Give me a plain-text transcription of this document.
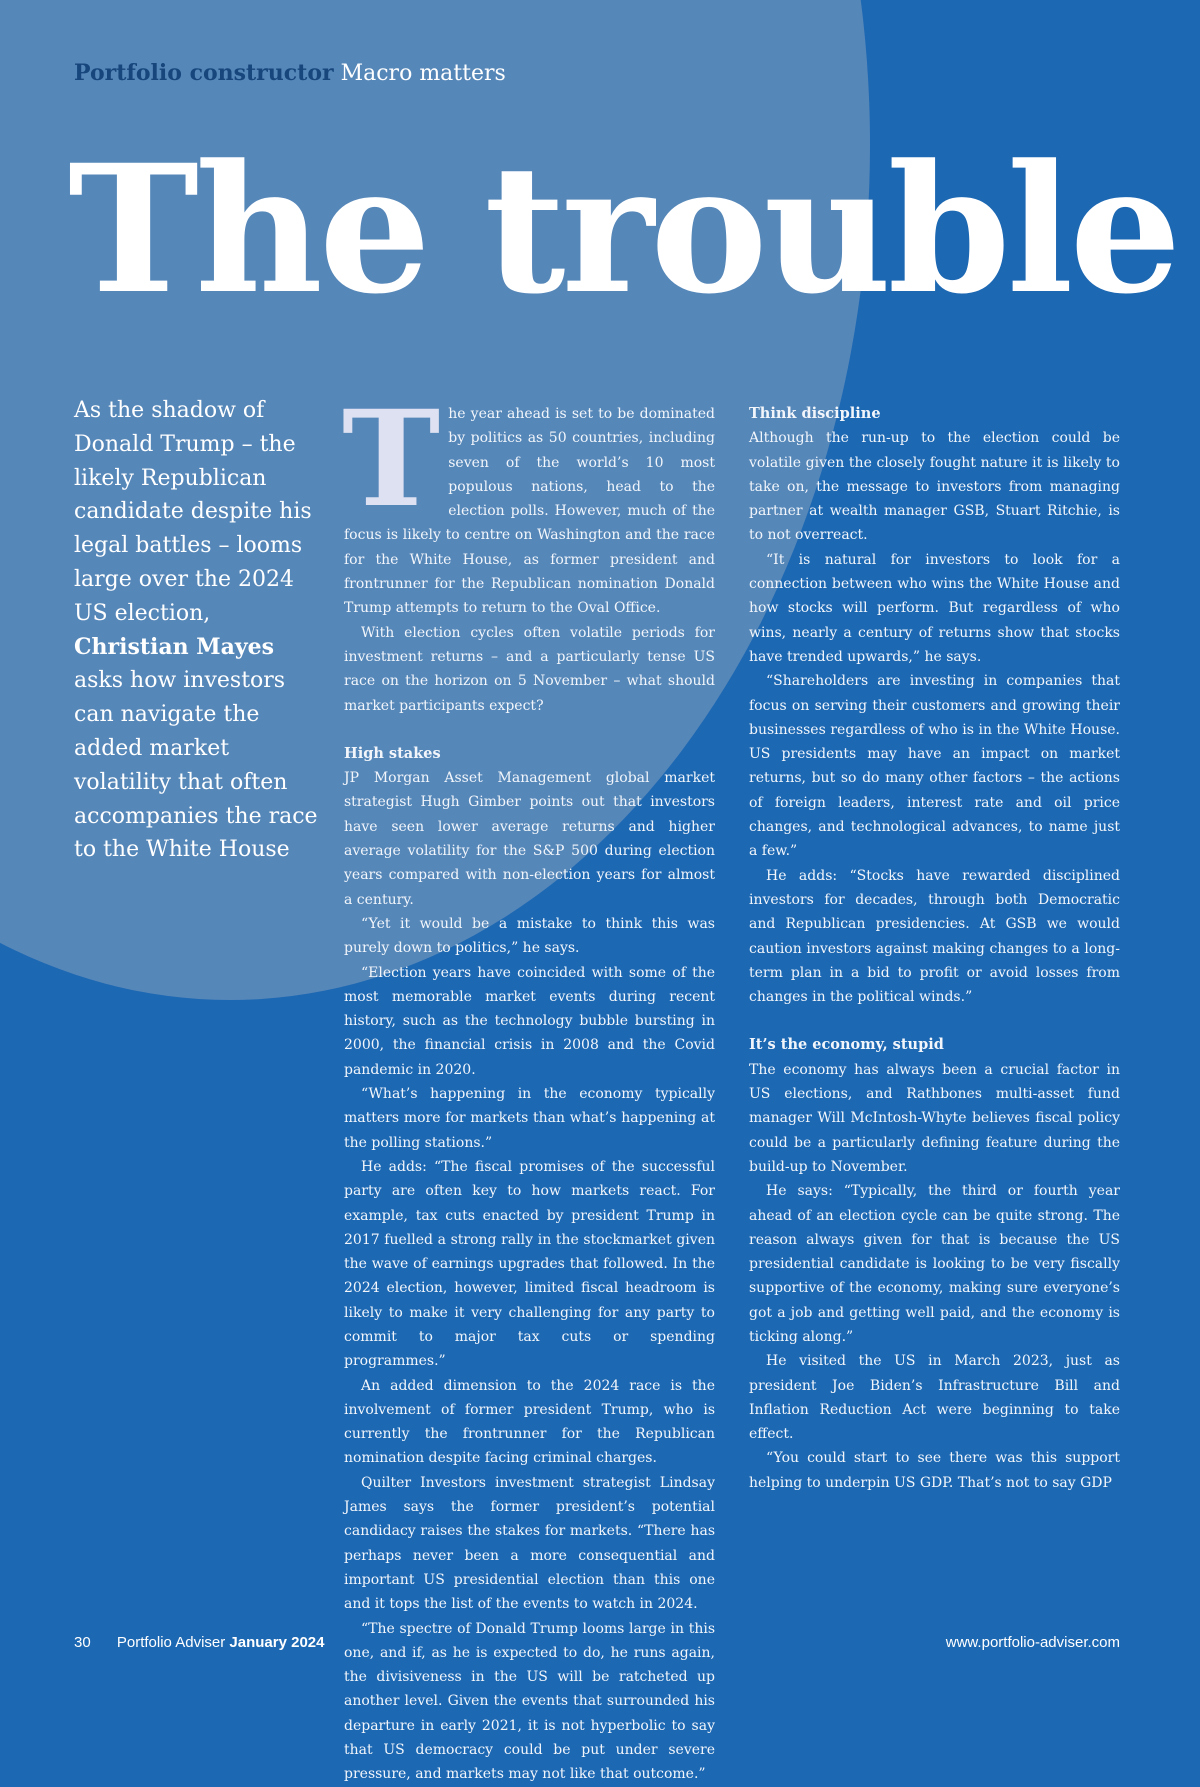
Portfolio constructor Macro matters
The trouble
As the shadow of Donald Trump – the likely Republican candidate despite his legal battles – looms large over the 2024 US election, Christian Mayes asks how investors can navigate the added market volatility that often accompanies the race to the White House

The year ahead is set to be dominated by politics as 50 countries, including seven of the world’s 10 most populous nations, head to the election polls. However, much of the focus is likely to centre on Washington and the race for the White House, as former president and frontrunner for the Republican nomination Donald Trump attempts to return to the Oval Office.

With election cycles often volatile periods for investment returns – and a particularly tense US race on the horizon on 5 November – what should market participants expect?

High stakes

JP Morgan Asset Management global market strategist Hugh Gimber points out that investors have seen lower average returns and higher average volatility for the S&P 500 during election years compared with non-election years for almost a century.

“Yet it would be a mistake to think this was purely down to politics,” he says.

“Election years have coincided with some of the most memorable market events during recent history, such as the technology bubble bursting in 2000, the financial crisis in 2008 and the Covid pandemic in 2020.

“What’s happening in the economy typically matters more for markets than what’s happening at the polling stations.”

He adds: “The fiscal promises of the successful party are often key to how markets react. For example, tax cuts enacted by president Trump in 2017 fuelled a strong rally in the stockmarket given the wave of earnings upgrades that followed. In the 2024 election, however, limited fiscal headroom is likely to make it very challenging for any party to commit to major tax cuts or spending programmes.”

An added dimension to the 2024 race is the involvement of former president Trump, who is currently the frontrunner for the Republican nomination despite facing criminal charges.

Quilter Investors investment strategist Lindsay James says the former president’s potential candidacy raises the stakes for markets. “There has perhaps never been a more consequential and important US presidential election than this one and it tops the list of the events to watch in 2024.

“The spectre of Donald Trump looms large in this one, and if, as he is expected to do, he runs again, the divisiveness in the US will be ratcheted up another level. Given the events that surrounded his departure in early 2021, it is not hyperbolic to say that US democracy could be put under severe pressure, and markets may not like that outcome.”

Think discipline

Although the run-up to the election could be volatile given the closely fought nature it is likely to take on, the message to investors from managing partner at wealth manager GSB, Stuart Ritchie, is to not overreact.

“It is natural for investors to look for a connection between who wins the White House and how stocks will perform. But regardless of who wins, nearly a century of returns show that stocks have trended upwards,” he says.

“Shareholders are investing in companies that focus on serving their customers and growing their businesses regardless of who is in the White House. US presidents may have an impact on market returns, but so do many other factors – the actions of foreign leaders, interest rate and oil price changes, and technological advances, to name just a few.”

He adds: “Stocks have rewarded disciplined investors for decades, through both Democratic and Republican presidencies. At GSB we would caution investors against making changes to a long-term plan in a bid to profit or avoid losses from changes in the political winds.”

It’s the economy, stupid

The economy has always been a crucial factor in US elections, and Rathbones multi-asset fund manager Will McIntosh-Whyte believes fiscal policy could be a particularly defining feature during the build-up to November.

He says: “Typically, the third or fourth year ahead of an election cycle can be quite strong. The reason always given for that is because the US presidential candidate is looking to be very fiscally supportive of the economy, making sure everyone’s got a job and getting well paid, and the economy is ticking along.”

He visited the US in March 2023, just as president Joe Biden’s Infrastructure Bill and Inflation Reduction Act were beginning to take effect.

“You could start to see there was this support helping to underpin US GDP. That’s not to say GDP

30 Portfolio Adviser January 2024	www.portfolio-adviser.com
